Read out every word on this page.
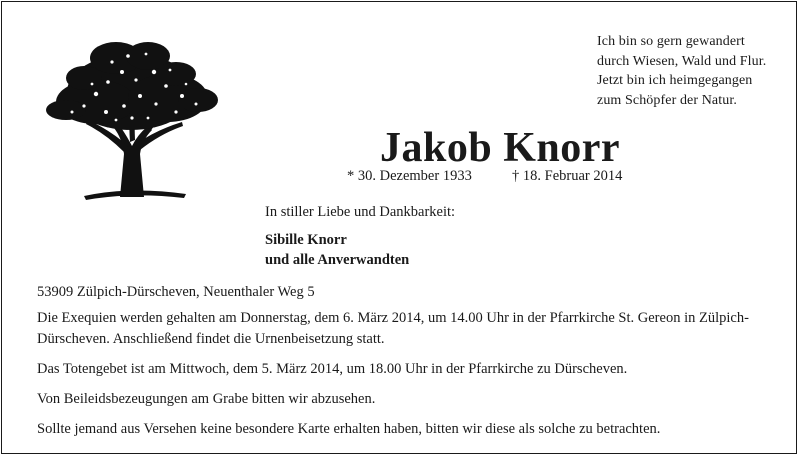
Ich bin so gern gewandert
durch Wiesen, Wald und Flur.
Jetzt bin ich heimgegangen
zum Schöpfer der Natur.
Jakob Knorr
* 30. Dezember 1933	† 18. Februar 2014
In stiller Liebe und Dankbarkeit:
Sibille Knorr
und alle Anverwandten
53909 Zülpich-Dürscheven, Neuenthaler Weg 5

Die Exequien werden gehalten am Donnerstag, dem 6. März 2014, um 14.00 Uhr in der Pfarrkirche St. Gereon in Zülpich-Dürscheven. Anschließend findet die Urnenbeisetzung statt.

Das Totengebet ist am Mittwoch, dem 5. März 2014, um 18.00 Uhr in der Pfarrkirche zu Dürscheven.

Von Beileidsbezeugungen am Grabe bitten wir abzusehen.

Sollte jemand aus Versehen keine besondere Karte erhalten haben, bitten wir diese als solche zu betrachten.
